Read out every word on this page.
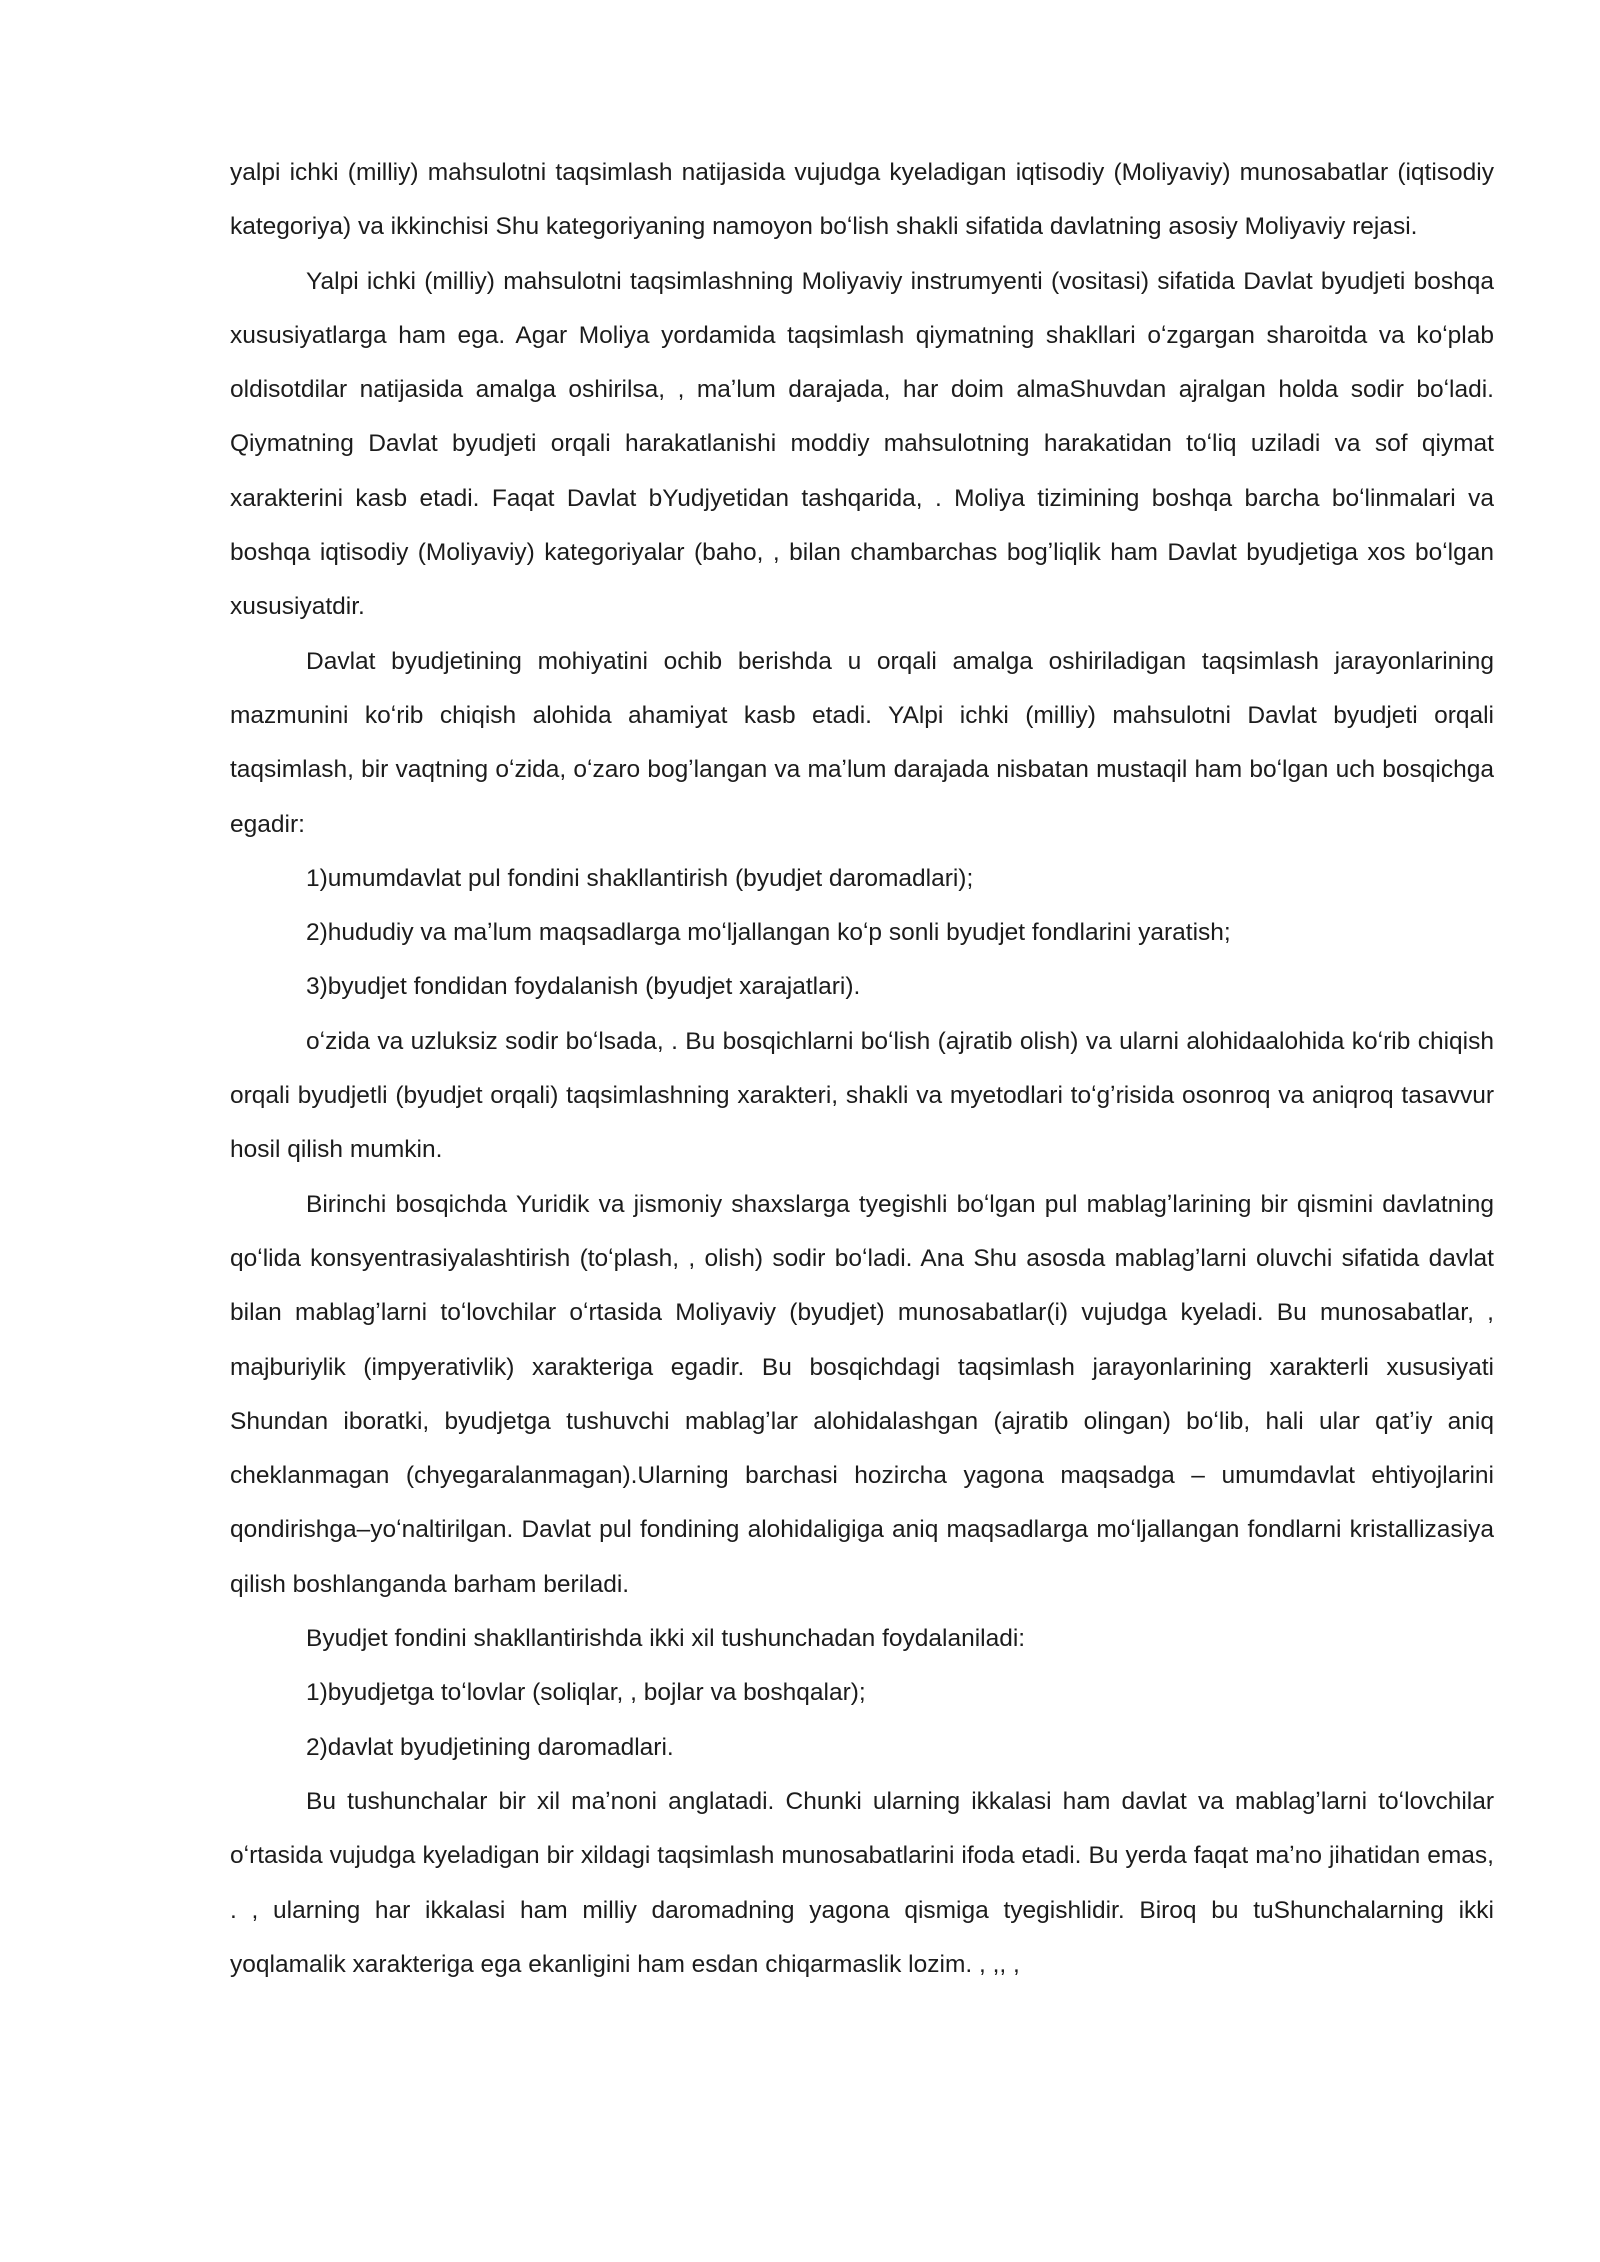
yalpi ichki (milliy) mahsulotni taqsimlash natijasida vujudga kyeladigan iqtisodiy (Moliyaviy) munosabatlar (iqtisodiy kategoriya) va ikkinchisi Shu kategoriyaning namoyon boʻlish shakli sifatida davlatning asosiy Moliyaviy rejasi.

Yalpi ichki (milliy) mahsulotni taqsimlashning Moliyaviy instrumyenti (vositasi) sifatida Davlat byudjeti boshqa xususiyatlarga ham ega. Agar Moliya yordamida taqsimlash qiymatning shakllari oʻzgargan sharoitda va koʻplab oldisotdilar natijasida amalga oshirilsa, , maʼlum darajada, har doim almaShuvdan ajralgan holda sodir boʻladi. Qiymatning Davlat byudjeti orqali harakatlanishi moddiy mahsulotning harakatidan toʻliq uziladi va sof qiymat xarakterini kasb etadi. Faqat Davlat bYudjyetidan tashqarida, . Moliya tizimining boshqa barcha boʻlinmalari va boshqa iqtisodiy (Moliyaviy) kategoriyalar (baho, , bilan chambarchas bogʼliqlik ham Davlat byudjetiga xos boʻlgan xususiyatdir.

Davlat byudjetining mohiyatini ochib berishda u orqali amalga oshiriladigan taqsimlash jarayonlarining mazmunini koʻrib chiqish alohida ahamiyat kasb etadi. YAlpi ichki (milliy) mahsulotni Davlat byudjeti orqali taqsimlash, bir vaqtning oʻzida, oʻzaro bogʼlangan va maʼlum darajada nisbatan mustaqil ham boʻlgan uch bosqichga egadir:

1)umumdavlat pul fondini shakllantirish (byudjet daromadlari);

2)hududiy va maʼlum maqsadlarga moʻljallangan koʻp sonli byudjet fondlarini yaratish;

3)byudjet fondidan foydalanish (byudjet xarajatlari).

oʻzida va uzluksiz sodir boʻlsada, . Bu bosqichlarni boʻlish (ajratib olish) va ularni alohidaalohida koʻrib chiqish orqali byudjetli (byudjet orqali) taqsimlashning xarakteri, shakli va myetodlari toʻgʼrisida osonroq va aniqroq tasavvur hosil qilish mumkin.

Birinchi bosqichda Yuridik va jismoniy shaxslarga tyegishli boʻlgan pul mablagʼlarining bir qismini davlatning qoʻlida konsyentrasiyalashtirish (toʻplash, , olish) sodir boʻladi. Ana Shu asosda mablagʼlarni oluvchi sifatida davlat bilan mablagʼlarni toʻlovchilar oʻrtasida Moliyaviy (byudjet) munosabatlar(i) vujudga kyeladi. Bu munosabatlar, , majburiylik (impyerativlik) xarakteriga egadir. Bu bosqichdagi taqsimlash jarayonlarining xarakterli xususiyati Shundan iboratki, byudjetga tushuvchi mablagʼlar alohidalashgan (ajratib olingan) boʻlib, hali ular qatʼiy aniq cheklanmagan (chyegaralanmagan).Ularning barchasi hozircha yagona maqsadga – umumdavlat ehtiyojlarini qondirishga–yoʻnaltirilgan. Davlat pul fondining alohidaligiga aniq maqsadlarga moʻljallangan fondlarni kristallizasiya qilish boshlanganda barham beriladi.

Byudjet fondini shakllantirishda ikki xil tushunchadan foydalaniladi:

1)byudjetga toʻlovlar (soliqlar, , bojlar va boshqalar);

2)davlat byudjetining daromadlari.

Bu tushunchalar bir xil maʼnoni anglatadi. Chunki ularning ikkalasi ham davlat va mablagʼlarni toʻlovchilar oʻrtasida vujudga kyeladigan bir xildagi taqsimlash munosabatlarini ifoda etadi. Bu yerda faqat maʼno jihatidan emas, . , ularning har ikkalasi ham milliy daromadning yagona qismiga tyegishlidir. Biroq bu tuShunchalarning ikki yoqlamalik xarakteriga ega ekanligini ham esdan chiqarmaslik lozim. , ,, ,
